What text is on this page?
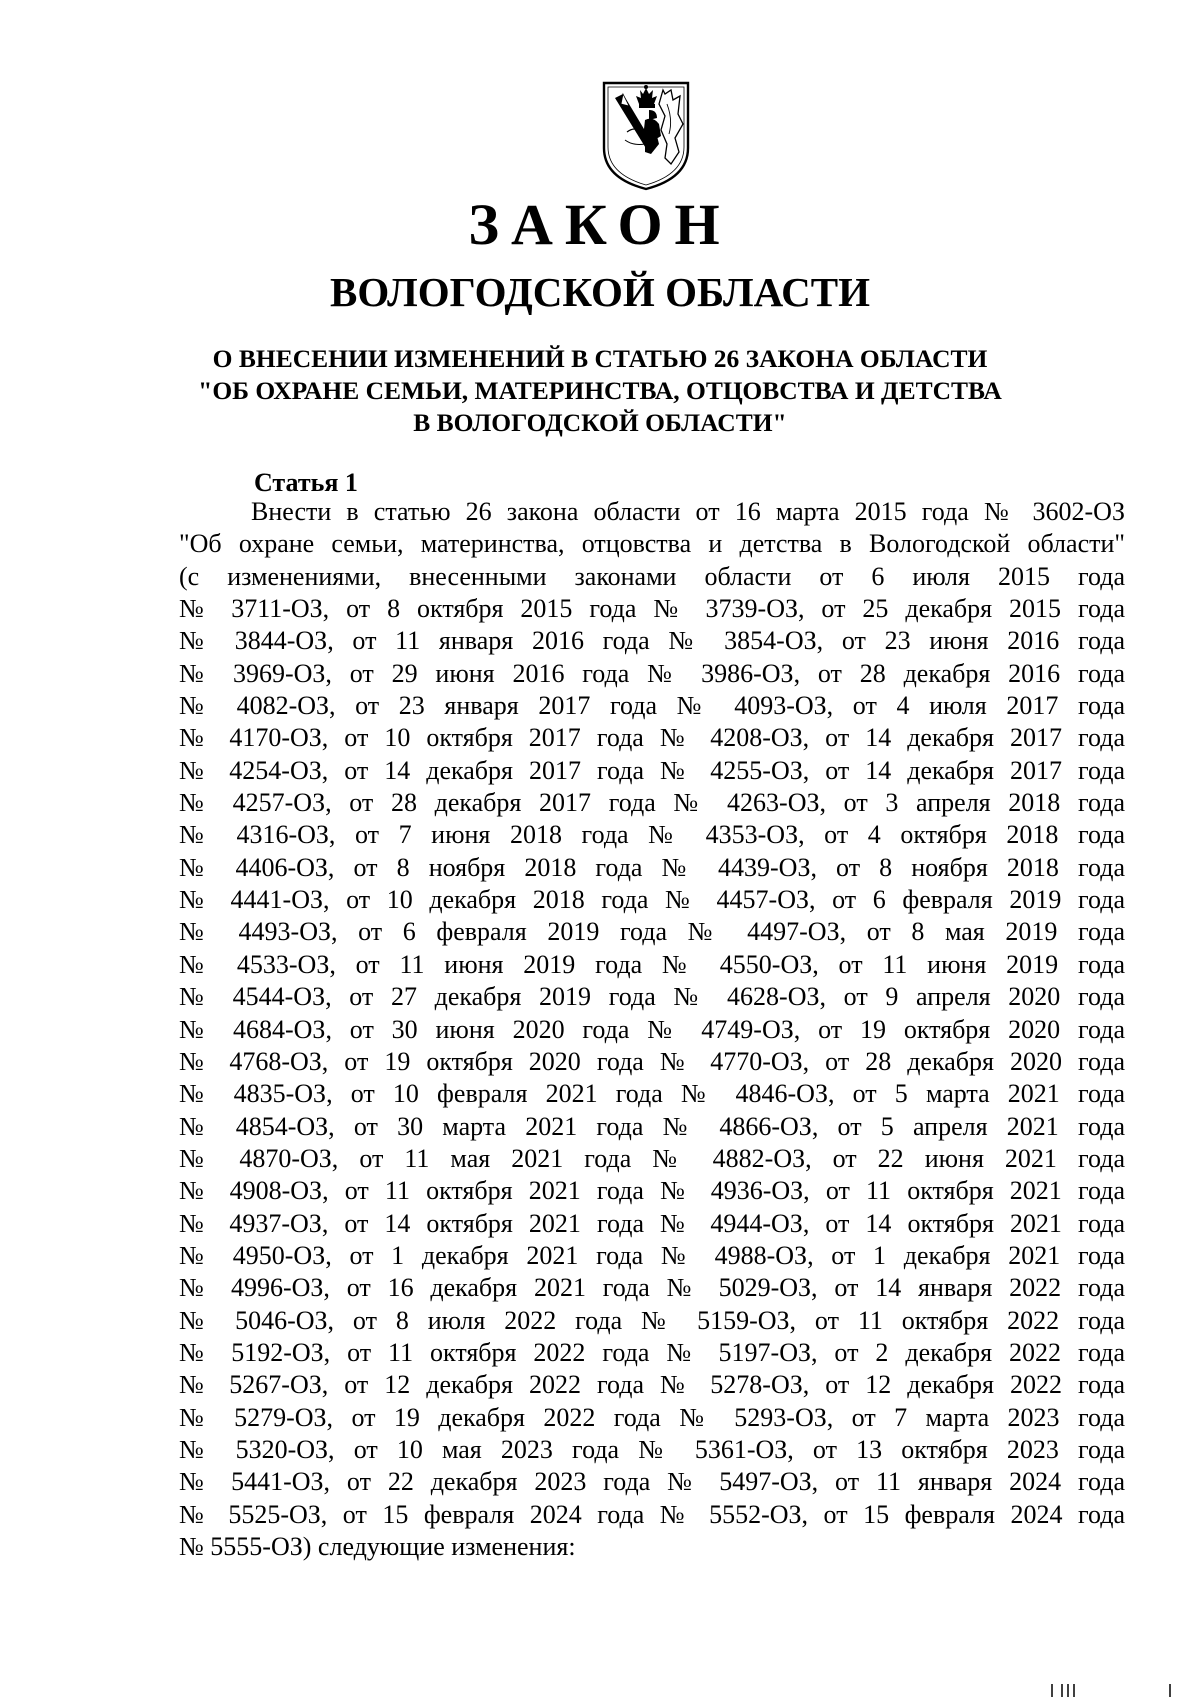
ЗАКОН
ВОЛОГОДСКОЙ ОБЛАСТИ
О ВНЕСЕНИИ ИЗМЕНЕНИЙ В СТАТЬЮ 26 ЗАКОНА ОБЛАСТИ
"ОБ ОХРАНЕ СЕМЬИ, МАТЕРИНСТВА, ОТЦОВСТВА И ДЕТСТВА
В ВОЛОГОДСКОЙ ОБЛАСТИ"
Статья 1
Внести в статью 26 закона области от 16 марта 2015 года № 3602-ОЗ
"Об охране семьи, материнства, отцовства и детства в Вологодской области"
(с изменениями, внесенными законами области от 6 июля 2015 года
№ 3711-ОЗ, от 8 октября 2015 года № 3739-ОЗ, от 25 декабря 2015 года
№ 3844-ОЗ, от 11 января 2016 года № 3854-ОЗ, от 23 июня 2016 года
№ 3969-ОЗ, от 29 июня 2016 года № 3986-ОЗ, от 28 декабря 2016 года
№ 4082-ОЗ, от 23 января 2017 года № 4093-ОЗ, от 4 июля 2017 года
№ 4170-ОЗ, от 10 октября 2017 года № 4208-ОЗ, от 14 декабря 2017 года
№ 4254-ОЗ, от 14 декабря 2017 года № 4255-ОЗ, от 14 декабря 2017 года
№ 4257-ОЗ, от 28 декабря 2017 года № 4263-ОЗ, от 3 апреля 2018 года
№ 4316-ОЗ, от 7 июня 2018 года № 4353-ОЗ, от 4 октября 2018 года
№ 4406-ОЗ, от 8 ноября 2018 года № 4439-ОЗ, от 8 ноября 2018 года
№ 4441-ОЗ, от 10 декабря 2018 года № 4457-ОЗ, от 6 февраля 2019 года
№ 4493-ОЗ, от 6 февраля 2019 года № 4497-ОЗ, от 8 мая 2019 года
№ 4533-ОЗ, от 11 июня 2019 года № 4550-ОЗ, от 11 июня 2019 года
№ 4544-ОЗ, от 27 декабря 2019 года № 4628-ОЗ, от 9 апреля 2020 года
№ 4684-ОЗ, от 30 июня 2020 года № 4749-ОЗ, от 19 октября 2020 года
№ 4768-ОЗ, от 19 октября 2020 года № 4770-ОЗ, от 28 декабря 2020 года
№ 4835-ОЗ, от 10 февраля 2021 года № 4846-ОЗ, от 5 марта 2021 года
№ 4854-ОЗ, от 30 марта 2021 года № 4866-ОЗ, от 5 апреля 2021 года
№ 4870-ОЗ, от 11 мая 2021 года № 4882-ОЗ, от 22 июня 2021 года
№ 4908-ОЗ, от 11 октября 2021 года № 4936-ОЗ, от 11 октября 2021 года
№ 4937-ОЗ, от 14 октября 2021 года № 4944-ОЗ, от 14 октября 2021 года
№ 4950-ОЗ, от 1 декабря 2021 года № 4988-ОЗ, от 1 декабря 2021 года
№ 4996-ОЗ, от 16 декабря 2021 года № 5029-ОЗ, от 14 января 2022 года
№ 5046-ОЗ, от 8 июля 2022 года № 5159-ОЗ, от 11 октября 2022 года
№ 5192-ОЗ, от 11 октября 2022 года № 5197-ОЗ, от 2 декабря 2022 года
№ 5267-ОЗ, от 12 декабря 2022 года № 5278-ОЗ, от 12 декабря 2022 года
№ 5279-ОЗ, от 19 декабря 2022 года № 5293-ОЗ, от 7 марта 2023 года
№ 5320-ОЗ, от 10 мая 2023 года № 5361-ОЗ, от 13 октября 2023 года
№ 5441-ОЗ, от 22 декабря 2023 года № 5497-ОЗ, от 11 января 2024 года
№ 5525-ОЗ, от 15 февраля 2024 года № 5552-ОЗ, от 15 февраля 2024 года
№ 5555-ОЗ) следующие изменения:
